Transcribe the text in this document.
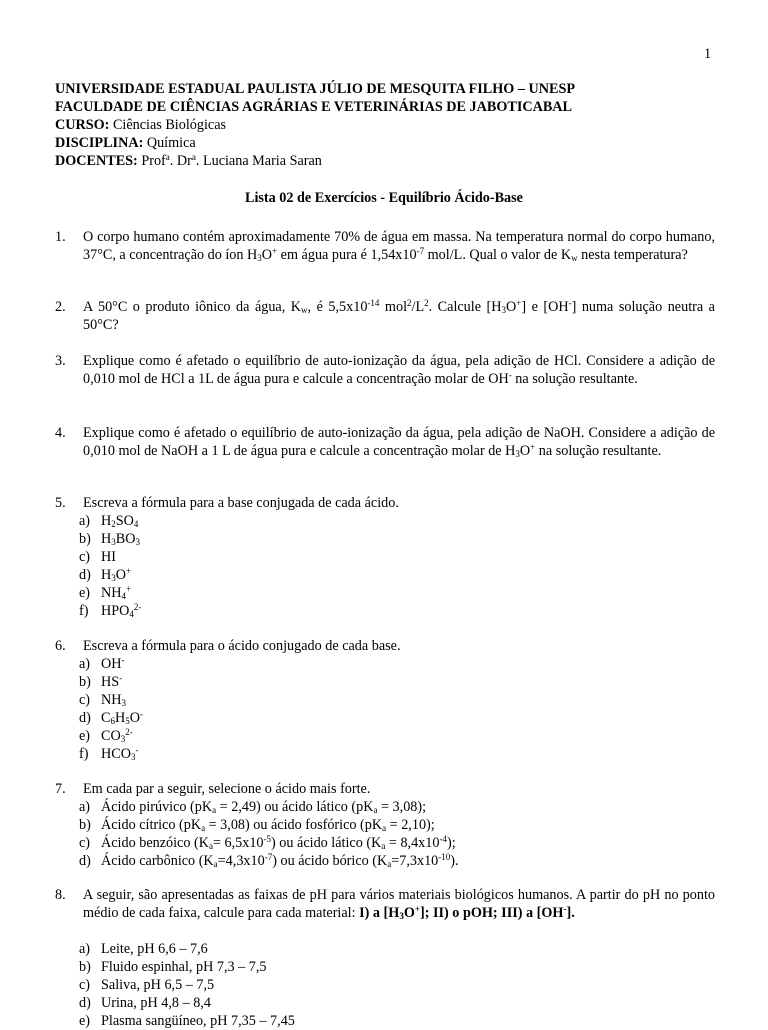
1
UNIVERSIDADE ESTADUAL PAULISTA JÚLIO DE MESQUITA FILHO – UNESP
FACULDADE DE CIÊNCIAS AGRÁRIAS E VETERINÁRIAS DE JABOTICABAL
CURSO: Ciências Biológicas
DISCIPLINA: Química
DOCENTES: Prof$^a$. Dr$^a$. Luciana Maria Saran
Lista 02 de Exercícios - Equilíbrio Ácido-Base
1. O corpo humano contém aproximadamente 70% de água em massa. Na temperatura normal do corpo humano, 37°C, a concentração do íon $H_3O^+$ em água pura é $1,54x10^{-7}$ mol/L. Qual o valor de $K_w$ nesta temperatura?
2. A 50°C o produto iônico da água, $K_w$, é $5,5x10^{-14}$ $mol^2/L^2$. Calcule $[H_3O^+]$ e [OH-] numa solução neutra a 50°C?
3. Explique como é afetado o equilíbrio de auto-ionização da água, pela adição de HCl. Considere a adição de 0,010 mol de HCl a 1L de água pura e calcule a concentração molar de OH- na solução resultante.
4. Explique como é afetado o equilíbrio de auto-ionização da água, pela adição de NaOH. Considere a adição de 0,010 mol de NaOH a 1 L de água pura e calcule a concentração molar de $H_3O^+$ na solução resultante.
5. Escreva a fórmula para a base conjugada de cada ácido.
a) $H_2SO_4$
b) $H_3BO_3$
c) HI
d) $H_3O^+$
e) $NH_4^+$
f) $HPO_4^{2-}$
6. Escreva a fórmula para o ácido conjugado de cada base.
a) OH-
b) HS-
c) $NH_3$
d) $C_6H_5O^-$
e) $CO_3^{2-}$
f) $HCO_3^-$
7. Em cada par a seguir, selecione o ácido mais forte.
a) Ácido pirúvico $(pK_a = 2,49)$ ou ácido lático $(pK_a = 3,08)$;
b) Ácido cítrico $(pK_a = 3,08)$ ou ácido fosfórico $(pK_a = 2,10)$;
c) Ácido benzóico $(K_a= 6,5x10^{-5})$ ou ácido lático $(K_a = 8,4x10^{-4})$;
d) Ácido carbônico $(K_a=4,3x10^{-7})$ ou ácido bórico $(K_a=7,3x10^{-10})$.
8. A seguir, são apresentadas as faixas de pH para vários materiais biológicos humanos. A partir do pH no ponto médio de cada faixa, calcule para cada material: I) a $[H_3O^+]$; II) o pOH; III) a [OH-].
a) Leite, pH 6,6 – 7,6
b) Fluido espinhal, pH 7,3 – 7,5
c) Saliva, pH 6,5 – 7,5
d) Urina, pH 4,8 – 8,4
e) Plasma sangüíneo, pH 7,35 – 7,45
